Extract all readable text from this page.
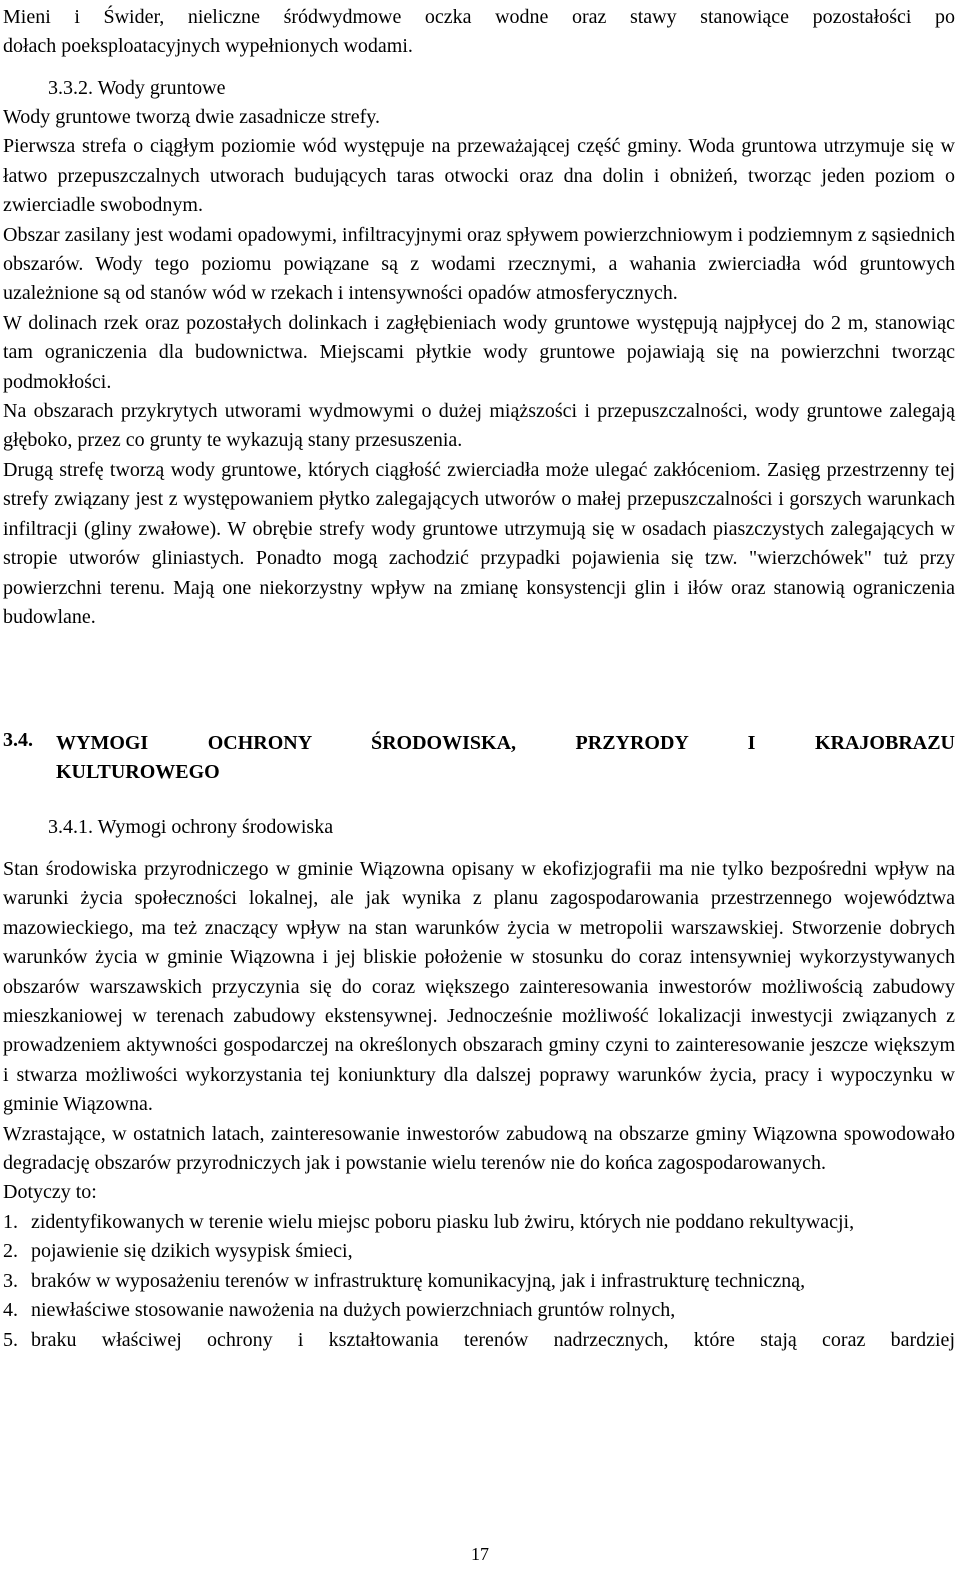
Mieni i Świder, nieliczne śródwydmowe oczka wodne oraz stawy stanowiące pozostałości po

dołach poeksploatacyjnych wypełnionych wodami.

3.3.2. Wody gruntowe

Wody gruntowe tworzą dwie zasadnicze strefy.

Pierwsza strefa o ciągłym poziomie wód występuje na przeważającej część gminy. Woda gruntowa utrzymuje się w łatwo przepuszczalnych utworach budujących taras otwocki oraz dna dolin i obniżeń, tworząc jeden poziom o zwierciadle swobodnym.

Obszar zasilany jest wodami opadowymi, infiltracyjnymi oraz spływem powierzchniowym i podziemnym z sąsiednich obszarów. Wody tego poziomu powiązane są z wodami rzecznymi, a wahania zwierciadła wód gruntowych uzależnione są od stanów wód w rzekach i intensywności opadów atmosferycznych.

W dolinach rzek oraz pozostałych dolinkach i zagłębieniach wody gruntowe występują najpłycej do 2 m, stanowiąc tam ograniczenia dla budownictwa. Miejscami płytkie wody gruntowe pojawiają się na powierzchni tworząc podmokłości.

Na obszarach przykrytych utworami wydmowymi o dużej miąższości i przepuszczalności, wody gruntowe zalegają głęboko, przez co grunty te wykazują stany przesuszenia.

Drugą strefę tworzą wody gruntowe, których ciągłość zwierciadła może ulegać zakłóceniom. Zasięg przestrzenny tej strefy związany jest z występowaniem płytko zalegających utworów o małej przepuszczalności i gorszych warunkach infiltracji (gliny zwałowe). W obrębie strefy wody gruntowe utrzymują się w osadach piaszczystych zalegających w stropie utworów gliniastych. Ponadto mogą zachodzić przypadki pojawienia się tzw. "wierzchówek" tuż przy powierzchni terenu. Mają one niekorzystny wpływ na zmianę konsystencji glin i iłów oraz stanowią ograniczenia budowlane.

3.4. WYMOGI OCHRONY ŚRODOWISKA, PRZYRODY I KRAJOBRAZU

KULTUROWEGO

3.4.1. Wymogi ochrony środowiska

Stan środowiska przyrodniczego w gminie Wiązowna opisany w ekofizjografii ma nie tylko bezpośredni wpływ na warunki życia społeczności lokalnej, ale jak wynika z planu zagospodarowania przestrzennego województwa mazowieckiego, ma też znaczący wpływ na stan warunków życia w metropolii warszawskiej. Stworzenie dobrych warunków życia w gminie Wiązowna i jej bliskie położenie w stosunku do coraz intensywniej wykorzystywanych obszarów warszawskich przyczynia się do coraz większego zainteresowania inwestorów możliwością zabudowy mieszkaniowej w terenach zabudowy ekstensywnej. Jednocześnie możliwość lokalizacji inwestycji związanych z prowadzeniem aktywności gospodarczej na określonych obszarach gminy czyni to zainteresowanie jeszcze większym i stwarza możliwości wykorzystania tej koniunktury dla dalszej poprawy warunków życia, pracy i wypoczynku w gminie Wiązowna.

Wzrastające, w ostatnich latach, zainteresowanie inwestorów zabudową na obszarze gminy Wiązowna spowodowało degradację obszarów przyrodniczych jak i powstanie wielu terenów nie do końca zagospodarowanych.

Dotyczy to:

1. zidentyfikowanych w terenie wielu miejsc poboru piasku lub żwiru, których nie poddano rekultywacji,
2. pojawienie się dzikich wysypisk śmieci,
3. braków w wyposażeniu terenów w infrastrukturę komunikacyjną, jak i infrastrukturę techniczną,
4. niewłaściwe stosowanie nawożenia na dużych powierzchniach gruntów rolnych,
5. braku właściwej ochrony i kształtowania terenów nadrzecznych, które stają coraz bardziej
17
